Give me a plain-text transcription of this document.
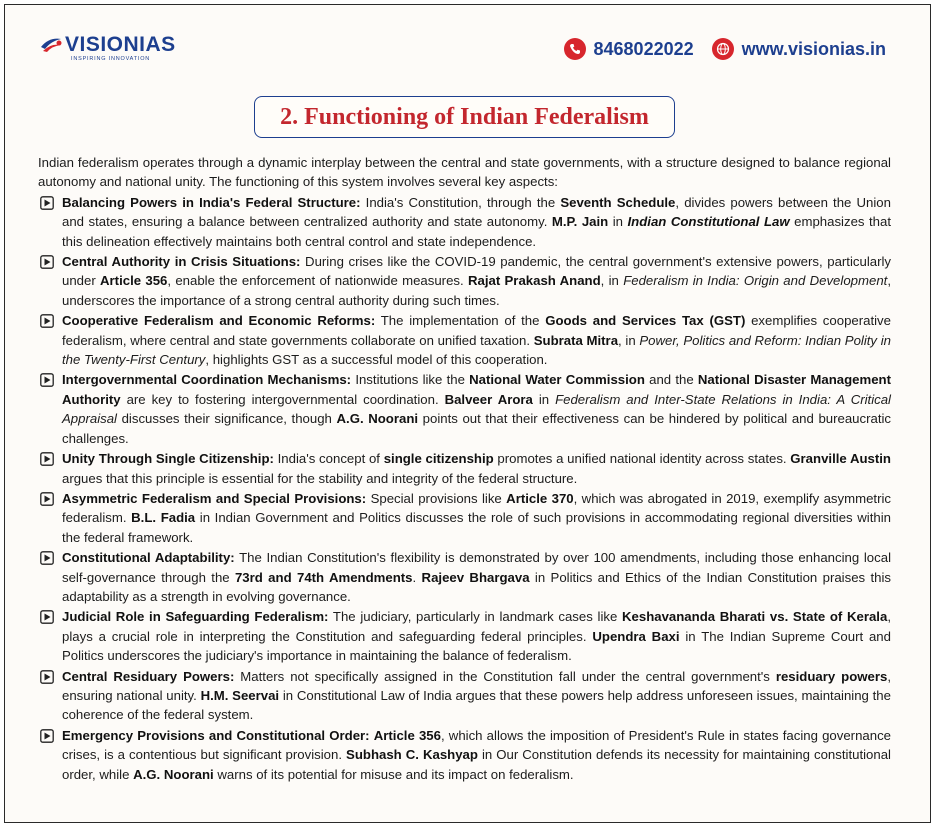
VISIONIAS
INSPIRING INNOVATION
8468022022	www.visionias.in
2. Functioning of Indian Federalism

Indian federalism operates through a dynamic interplay between the central and state governments, with a structure designed to balance regional autonomy and national unity. The functioning of this system involves several key aspects:

Balancing Powers in India's Federal Structure: India's Constitution, through the Seventh Schedule, divides powers between the Union and states, ensuring a balance between centralized authority and state autonomy. M.P. Jain in Indian Constitutional Law emphasizes that this delineation effectively maintains both central control and state independence.
Central Authority in Crisis Situations: During crises like the COVID-19 pandemic, the central government's extensive powers, particularly under Article 356, enable the enforcement of nationwide measures. Rajat Prakash Anand, in Federalism in India: Origin and Development, underscores the importance of a strong central authority during such times.
Cooperative Federalism and Economic Reforms: The implementation of the Goods and Services Tax (GST) exemplifies cooperative federalism, where central and state governments collaborate on unified taxation. Subrata Mitra, in Power, Politics and Reform: Indian Polity in the Twenty-First Century, highlights GST as a successful model of this cooperation.
Intergovernmental Coordination Mechanisms: Institutions like the National Water Commission and the National Disaster Management Authority are key to fostering intergovernmental coordination. Balveer Arora in Federalism and Inter-State Relations in India: A Critical Appraisal discusses their significance, though A.G. Noorani points out that their effectiveness can be hindered by political and bureaucratic challenges.
Unity Through Single Citizenship: India's concept of single citizenship promotes a unified national identity across states. Granville Austin argues that this principle is essential for the stability and integrity of the federal structure.
Asymmetric Federalism and Special Provisions: Special provisions like Article 370, which was abrogated in 2019, exemplify asymmetric federalism. B.L. Fadia in Indian Government and Politics discusses the role of such provisions in accommodating regional diversities within the federal framework.
Constitutional Adaptability: The Indian Constitution's flexibility is demonstrated by over 100 amendments, including those enhancing local self-governance through the 73rd and 74th Amendments. Rajeev Bhargava in Politics and Ethics of the Indian Constitution praises this adaptability as a strength in evolving governance.
Judicial Role in Safeguarding Federalism: The judiciary, particularly in landmark cases like Keshavananda Bharati vs. State of Kerala, plays a crucial role in interpreting the Constitution and safeguarding federal principles. Upendra Baxi in The Indian Supreme Court and Politics underscores the judiciary's importance in maintaining the balance of federalism.
Central Residuary Powers: Matters not specifically assigned in the Constitution fall under the central government's residuary powers, ensuring national unity. H.M. Seervai in Constitutional Law of India argues that these powers help address unforeseen issues, maintaining the coherence of the federal system.
Emergency Provisions and Constitutional Order: Article 356, which allows the imposition of President's Rule in states facing governance crises, is a contentious but significant provision. Subhash C. Kashyap in Our Constitution defends its necessity for maintaining constitutional order, while A.G. Noorani warns of its potential for misuse and its impact on federalism.
